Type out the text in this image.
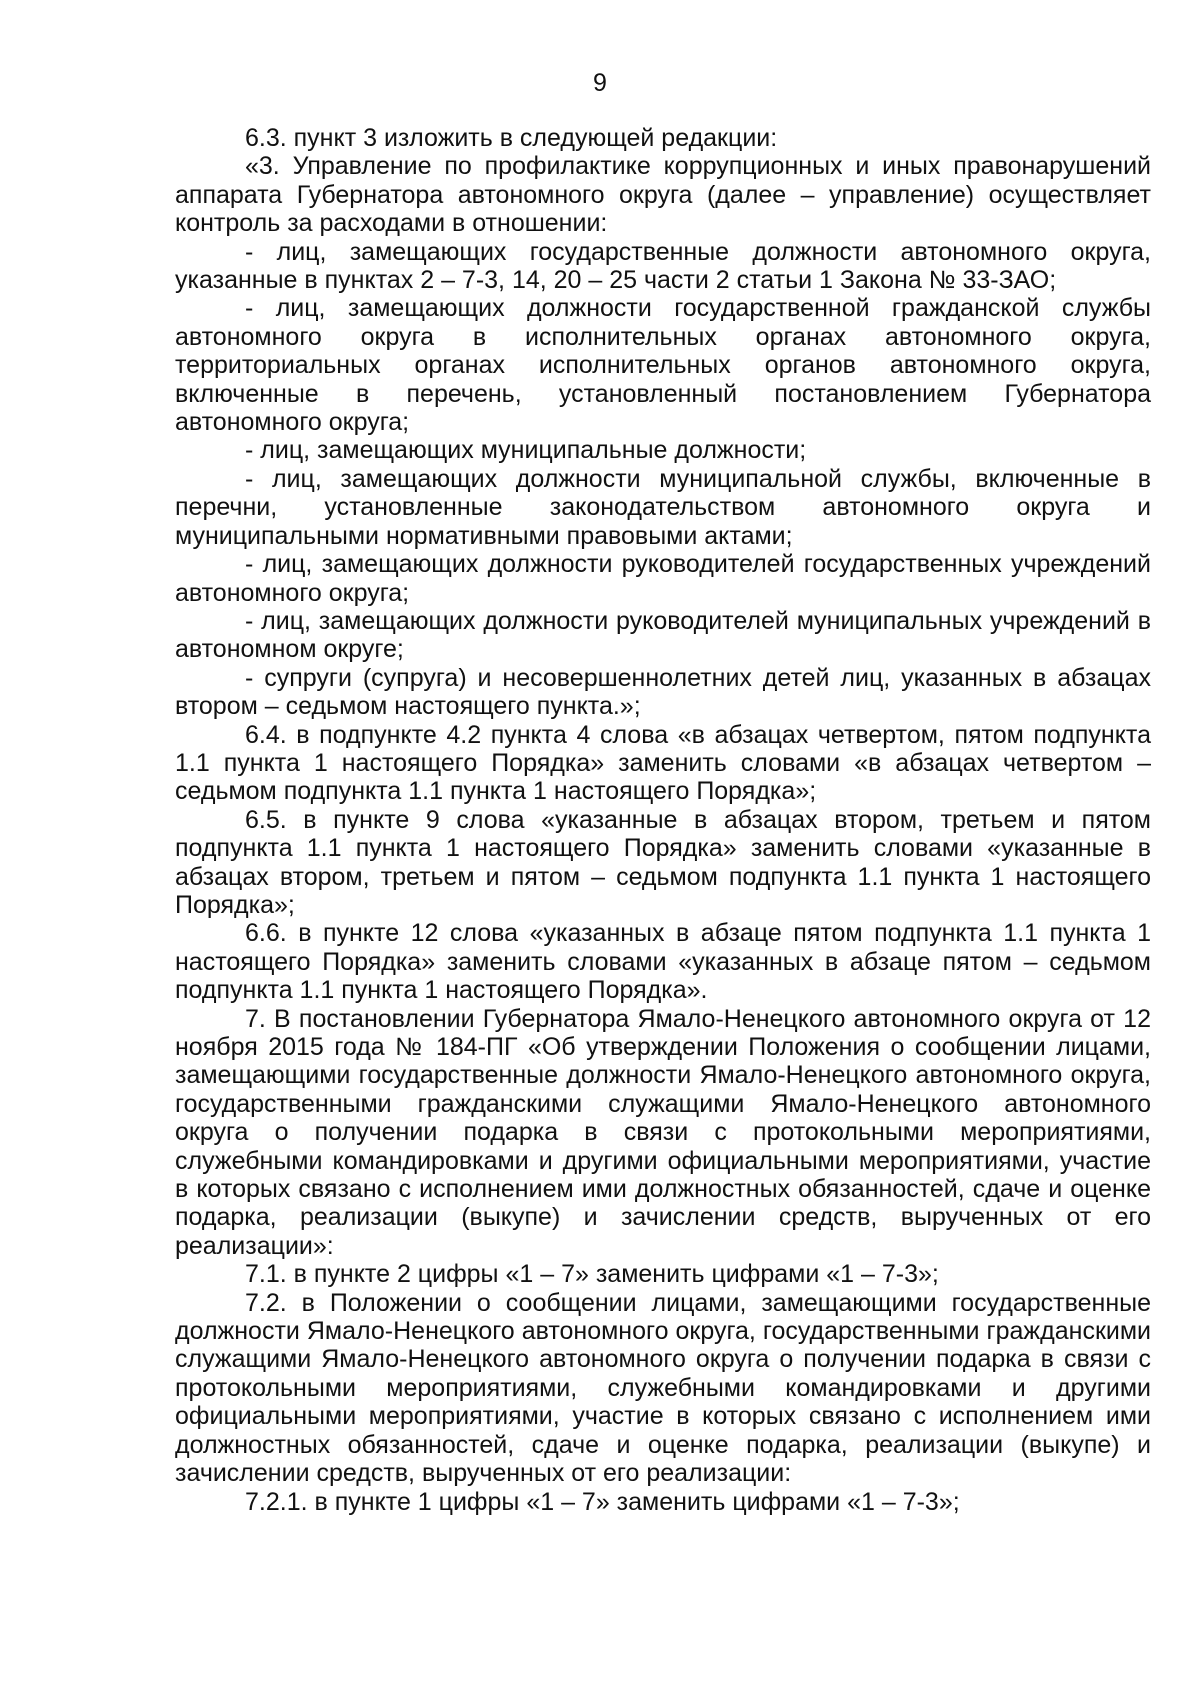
9

6.3. пункт 3 изложить в следующей редакции:

«3. Управление по профилактике коррупционных и иных правонарушений аппарата Губернатора автономного округа (далее – управление) осуществляет контроль за расходами в отношении:

- лиц, замещающих государственные должности автономного округа, указанные в пунктах 2 – 7-3, 14, 20 – 25 части 2 статьи 1 Закона № 33-ЗАО;

- лиц, замещающих должности государственной гражданской службы автономного округа в исполнительных органах автономного округа, территориальных органах исполнительных органов автономного округа, включенные в перечень, установленный постановлением Губернатора автономного округа;

- лиц, замещающих муниципальные должности;

- лиц, замещающих должности муниципальной службы, включенные в перечни, установленные законодательством автономного округа и муниципальными нормативными правовыми актами;

- лиц, замещающих должности руководителей государственных учреждений автономного округа;

- лиц, замещающих должности руководителей муниципальных учреждений в автономном округе;

- супруги (супруга) и несовершеннолетних детей лиц, указанных в абзацах втором – седьмом настоящего пункта.»;

6.4. в подпункте 4.2 пункта 4 слова «в абзацах четвертом, пятом подпункта 1.1 пункта 1 настоящего Порядка» заменить словами «в абзацах четвертом – седьмом подпункта 1.1 пункта 1 настоящего Порядка»;

6.5. в пункте 9 слова «указанные в абзацах втором, третьем и пятом подпункта 1.1 пункта 1 настоящего Порядка» заменить словами «указанные в абзацах втором, третьем и пятом – седьмом подпункта 1.1 пункта 1 настоящего Порядка»;

6.6. в пункте 12 слова «указанных в абзаце пятом подпункта 1.1 пункта 1 настоящего Порядка» заменить словами «указанных в абзаце пятом – седьмом подпункта 1.1 пункта 1 настоящего Порядка».

7. В постановлении Губернатора Ямало-Ненецкого автономного округа от 12 ноября 2015 года № 184-ПГ «Об утверждении Положения о сообщении лицами, замещающими государственные должности Ямало-Ненецкого автономного округа, государственными гражданскими служащими Ямало-Ненецкого автономного округа о получении подарка в связи с протокольными мероприятиями, служебными командировками и другими официальными мероприятиями, участие в которых связано с исполнением ими должностных обязанностей, сдаче и оценке подарка, реализации (выкупе) и зачислении средств, вырученных от его реализации»:

7.1. в пункте 2 цифры «1 – 7» заменить цифрами «1 – 7-3»;

7.2. в Положении о сообщении лицами, замещающими государственные должности Ямало-Ненецкого автономного округа, государственными гражданскими служащими Ямало-Ненецкого автономного округа о получении подарка в связи с протокольными мероприятиями, служебными командировками и другими официальными мероприятиями, участие в которых связано с исполнением ими должностных обязанностей, сдаче и оценке подарка, реализации (выкупе) и зачислении средств, вырученных от его реализации:

7.2.1. в пункте 1 цифры «1 – 7» заменить цифрами «1 – 7-3»;
